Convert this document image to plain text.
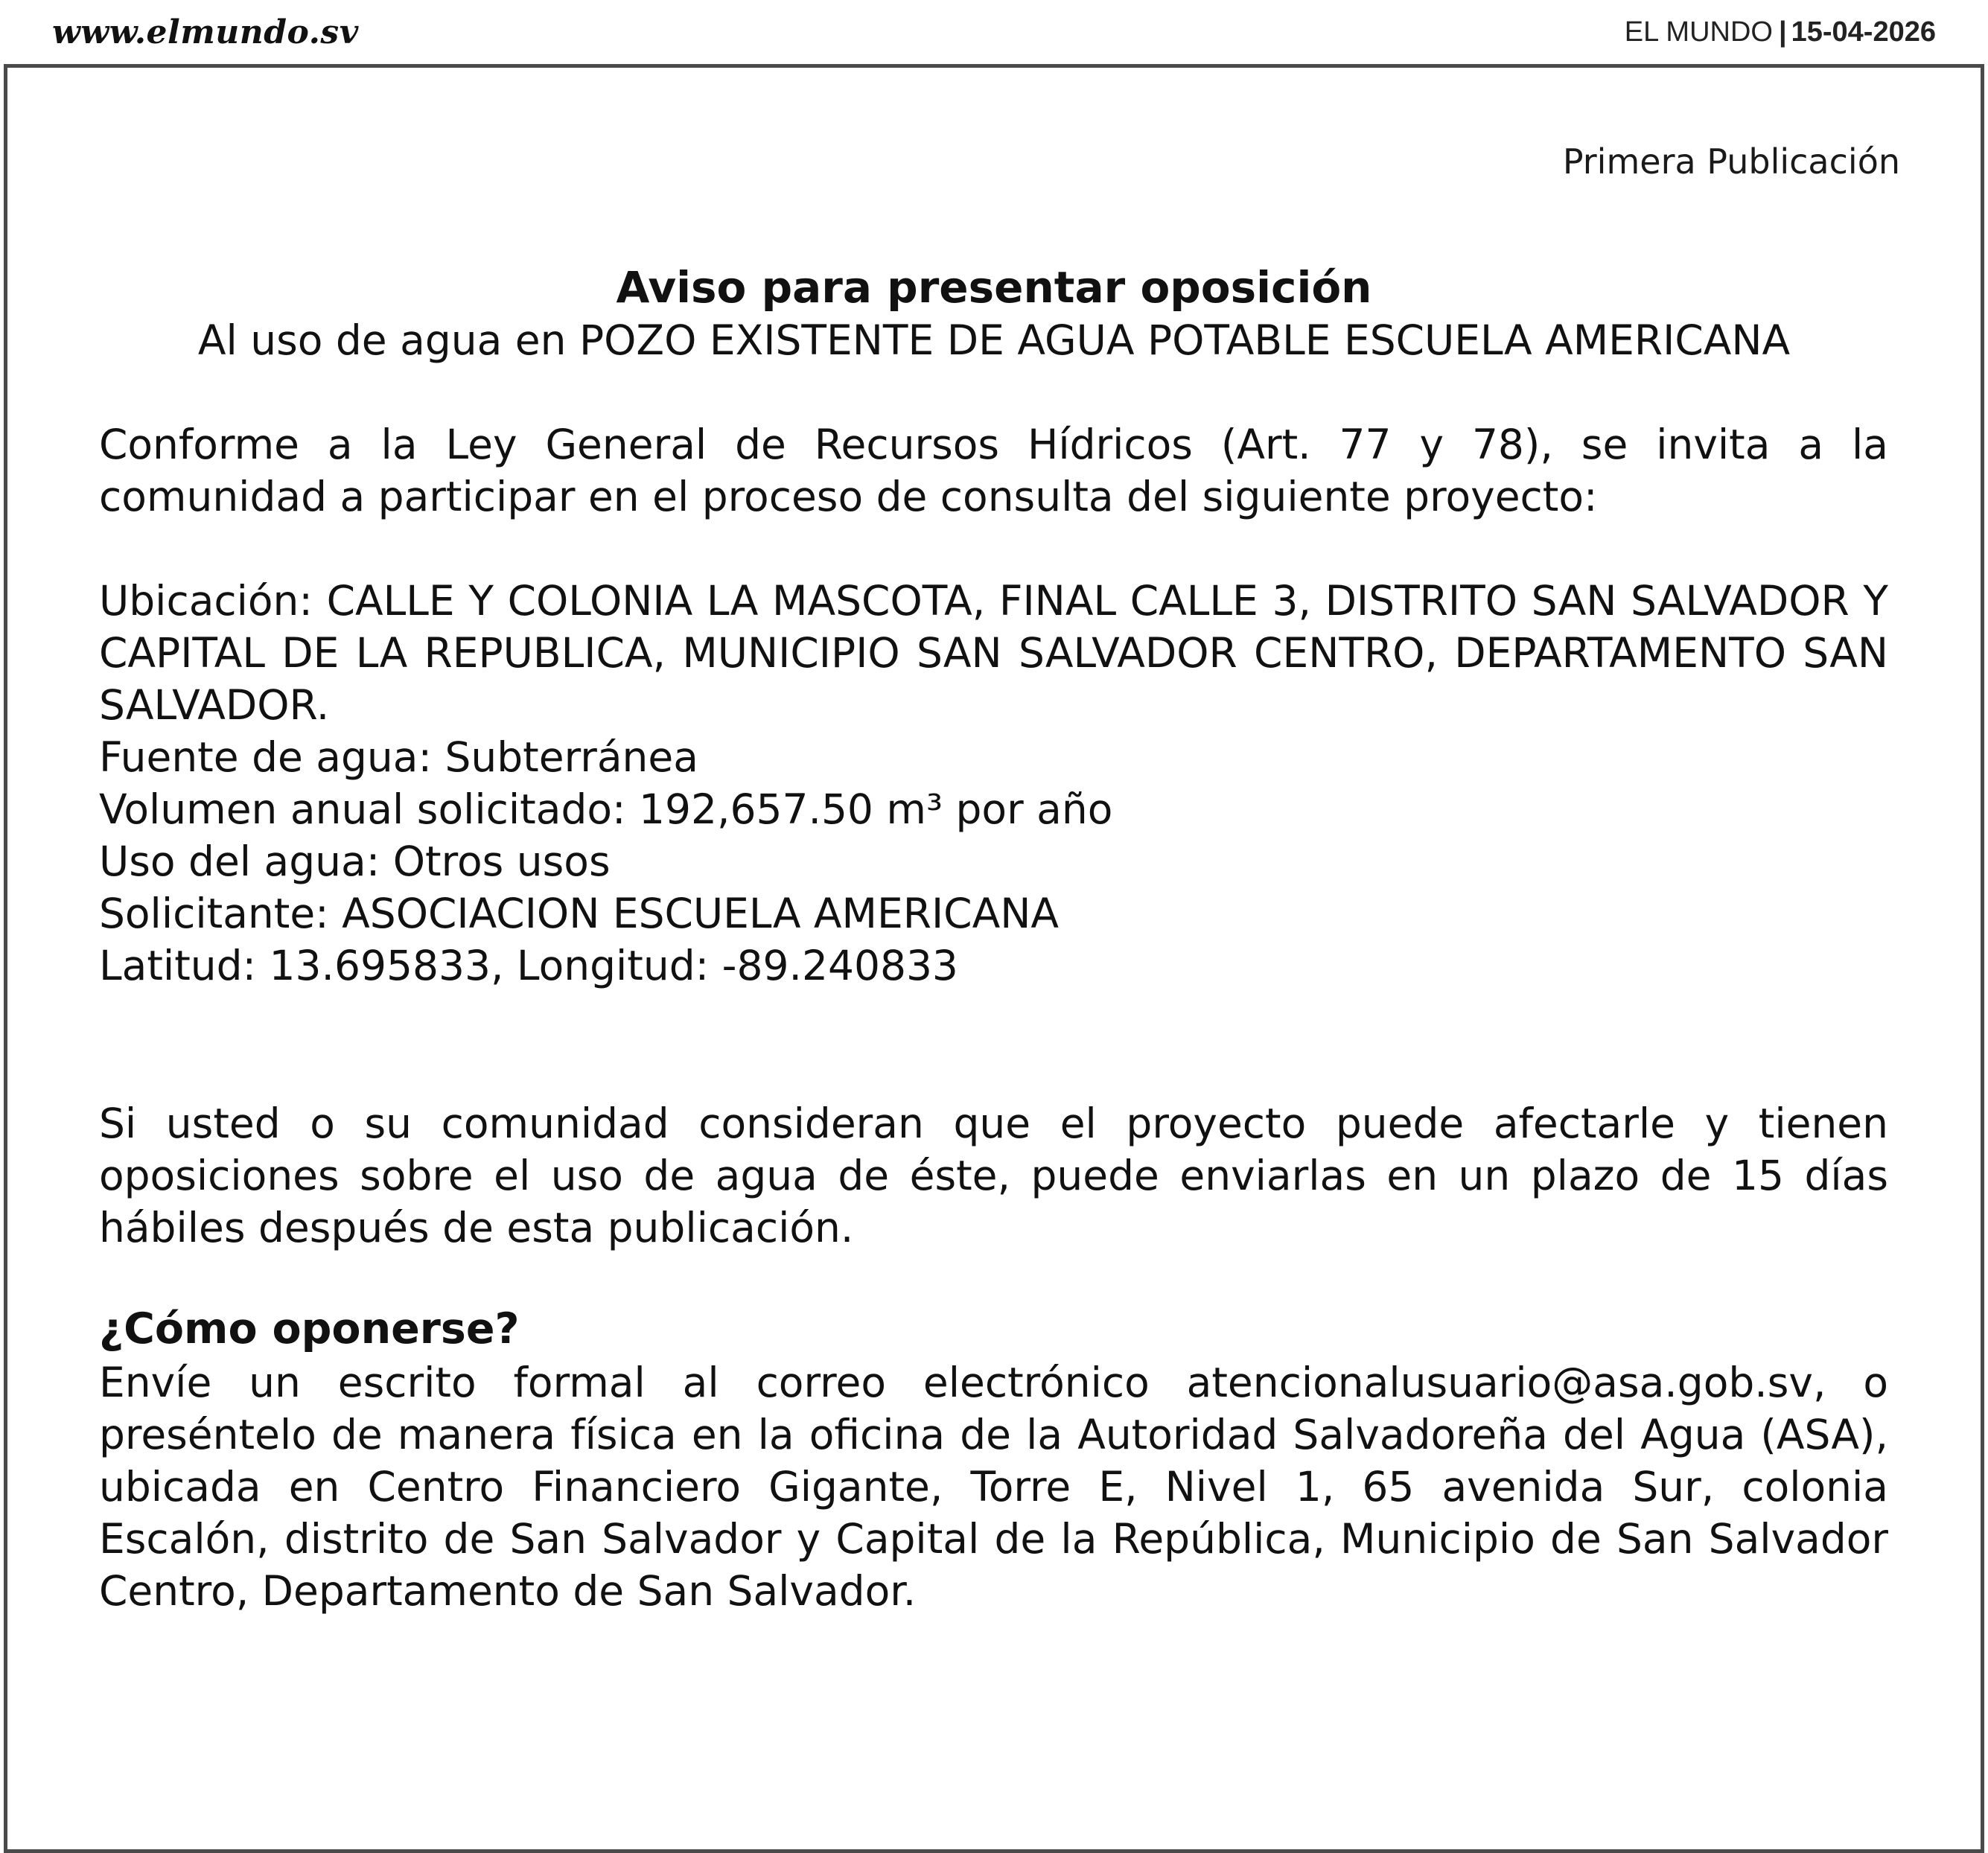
www.elmundo.sv	EL MUNDO | 15-04-2026
Primera Publicación
Aviso para presentar oposición
Al uso de agua en POZO EXISTENTE DE AGUA POTABLE ESCUELA AMERICANA

Conforme a la Ley General de Recursos Hídricos (Art. 77 y 78), se invita a la comunidad a participar en el proceso de consulta del siguiente proyecto:

Ubicación: CALLE Y COLONIA LA MASCOTA, FINAL CALLE 3, DISTRITO SAN SALVADOR Y CAPITAL DE LA REPUBLICA, MUNICIPIO SAN SALVADOR CENTRO, DEPARTAMENTO SAN SALVADOR.
Fuente de agua: Subterránea
Volumen anual solicitado: 192,657.50 m³ por año
Uso del agua: Otros usos
Solicitante: ASOCIACION ESCUELA AMERICANA
Latitud: 13.695833, Longitud: -89.240833

Si usted o su comunidad consideran que el proyecto puede afectarle y tienen oposiciones sobre el uso de agua de éste, puede enviarlas en un plazo de 15 días hábiles después de esta publicación.

¿Cómo oponerse?

Envíe un escrito formal al correo electrónico atencionalusuario@asa.gob.sv, o preséntelo de manera física en la oficina de la Autoridad Salvadoreña del Agua (ASA), ubicada en Centro Financiero Gigante, Torre E, Nivel 1, 65 avenida Sur, colonia Escalón, distrito de San Salvador y Capital de la República, Municipio de San Salvador Centro, Departamento de San Salvador.
